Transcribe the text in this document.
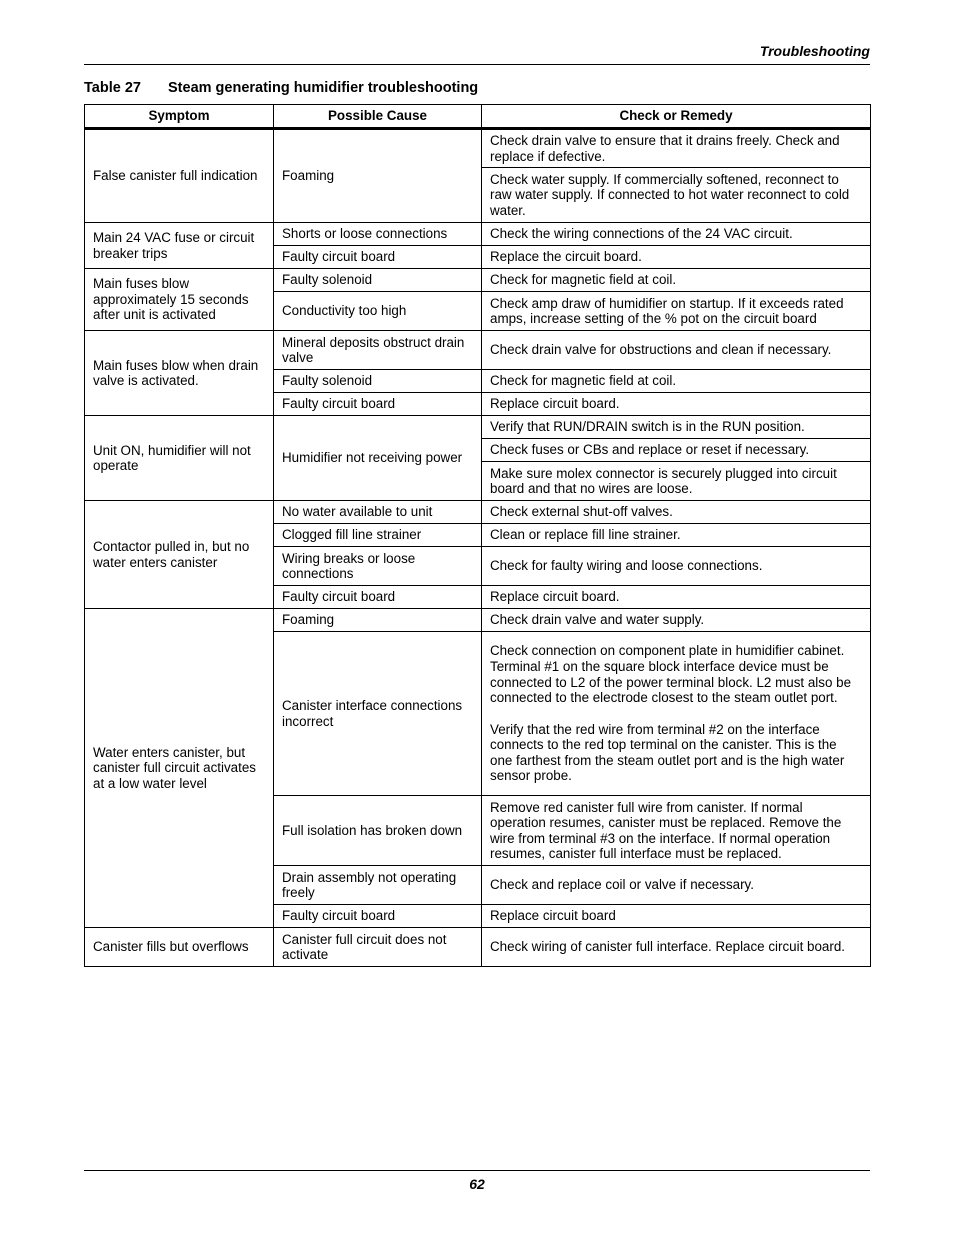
Troubleshooting
Table 27 Steam generating humidifier troubleshooting
Symptom	Possible Cause	Check or Remedy
False canister full indication	Foaming	Check drain valve to ensure that it drains freely. Check and replace if defective.
		Check water supply. If commercially softened, reconnect to raw water supply. If connected to hot water reconnect to cold water.
Main 24 VAC fuse or circuit breaker trips	Shorts or loose connections	Check the wiring connections of the 24 VAC circuit.
	Faulty circuit board	Replace the circuit board.
Main fuses blow approximately 15 seconds after unit is activated	Faulty solenoid	Check for magnetic field at coil.
	Conductivity too high	Check amp draw of humidifier on startup. If it exceeds rated amps, increase setting of the % pot on the circuit board
Main fuses blow when drain valve is activated.	Mineral deposits obstruct drain valve	Check drain valve for obstructions and clean if necessary.
	Faulty solenoid	Check for magnetic field at coil.
	Faulty circuit board	Replace circuit board.
Unit ON, humidifier will not operate	Humidifier not receiving power	Verify that RUN/DRAIN switch is in the RUN position.
		Check fuses or CBs and replace or reset if necessary.
		Make sure molex connector is securely plugged into circuit board and that no wires are loose.
Contactor pulled in, but no water enters canister	No water available to unit	Check external shut-off valves.
	Clogged fill line strainer	Clean or replace fill line strainer.
	Wiring breaks or loose connections	Check for faulty wiring and loose connections.
	Faulty circuit board	Replace circuit board.
Water enters canister, but canister full circuit activates at a low water level	Foaming	Check drain valve and water supply.
	Canister interface connections incorrect	Check connection on component plate in humidifier cabinet. Terminal #1 on the square block interface device must be connected to L2 of the power terminal block. L2 must also be connected to the electrode closest to the steam outlet port.
Verify that the red wire from terminal #2 on the interface connects to the red top terminal on the canister. This is the one farthest from the steam outlet port and is the high water sensor probe.

	Full isolation has broken down	Remove red canister full wire from canister. If normal operation resumes, canister must be replaced. Remove the wire from terminal #3 on the interface. If normal operation resumes, canister full interface must be replaced.
	Drain assembly not operating freely	Check and replace coil or valve if necessary.
	Faulty circuit board	Replace circuit board
Canister fills but overflows	Canister full circuit does not activate	Check wiring of canister full interface. Replace circuit board.
62
